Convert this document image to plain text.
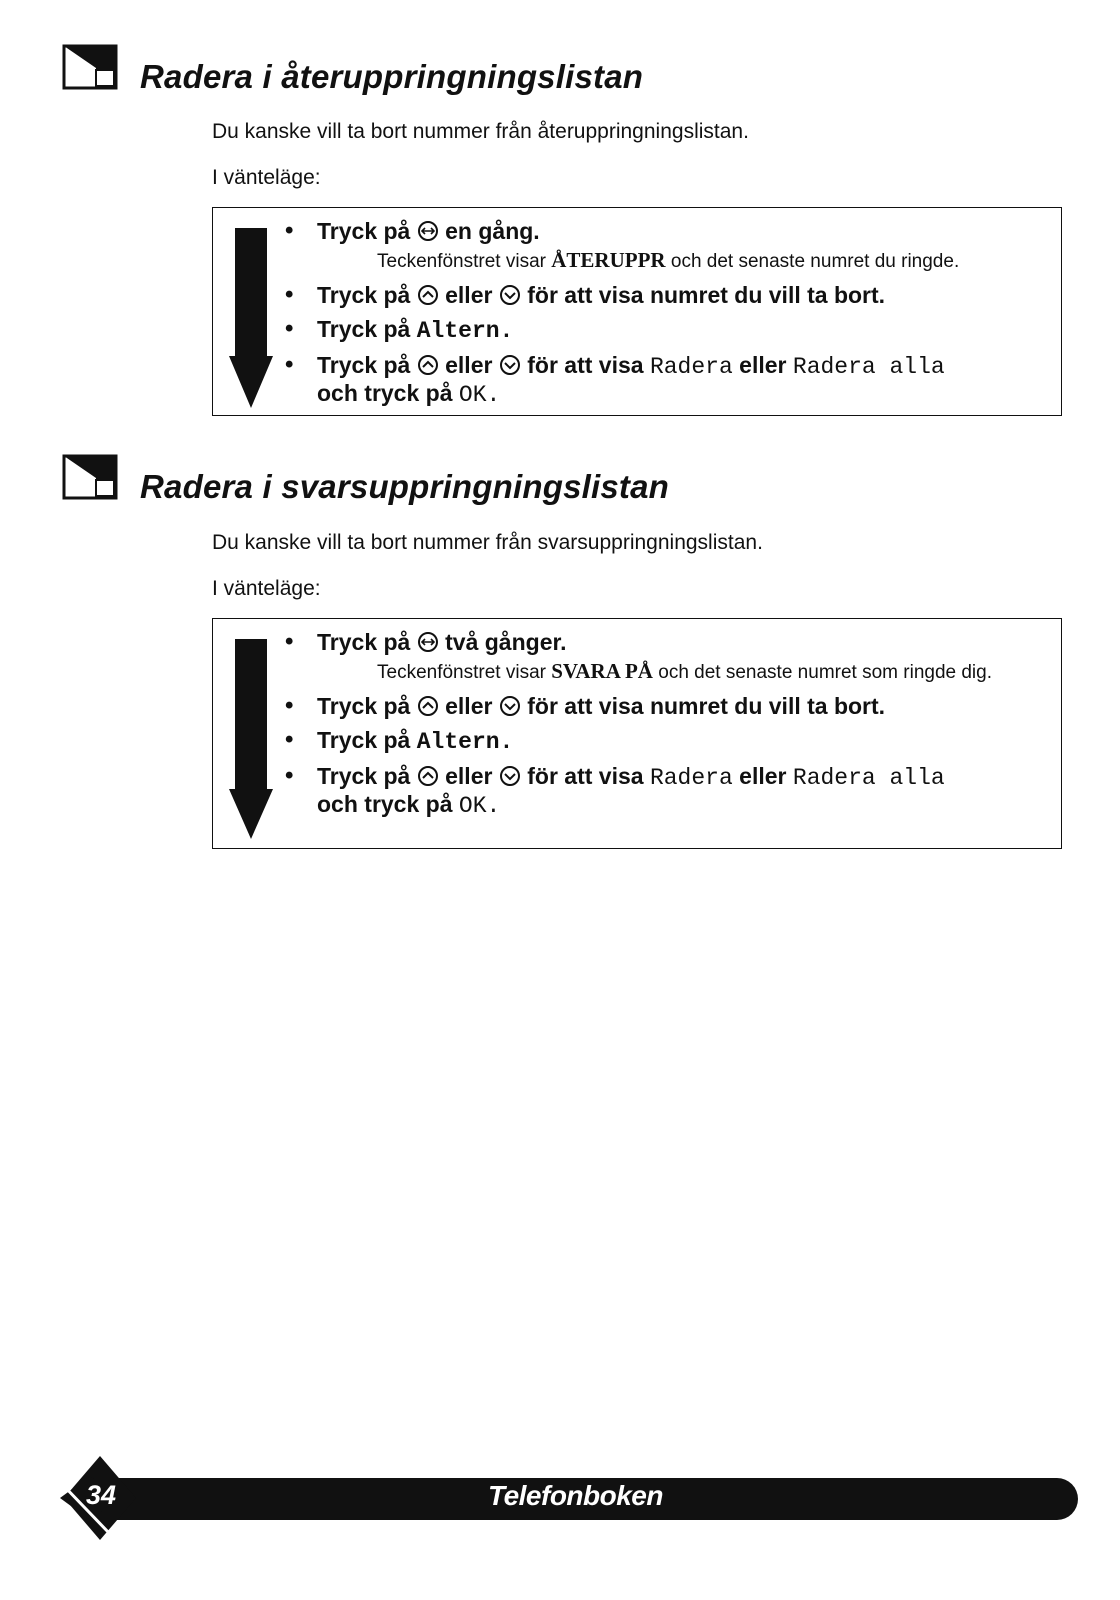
Radera i återuppringningslistan

Du kanske vill ta bort nummer från återuppringningslistan.

I vänteläge:

• Tryck på en gång.
Teckenfönstret visar ÅTERUPPR och det senaste numret du ringde.
• Tryck på eller för att visa numret du vill ta bort.
• Tryck på Altern.
• Tryck på eller för att visa Radera eller Radera alla
och tryck på OK.
Radera i svarsuppringningslistan

Du kanske vill ta bort nummer från svarsuppringningslistan.

I vänteläge:

• Tryck på två gånger.
Teckenfönstret visar SVARA PÅ och det senaste numret som ringde dig.
• Tryck på eller för att visa numret du vill ta bort.
• Tryck på Altern.
• Tryck på eller för att visa Radera eller Radera alla
och tryck på OK.
34	Telefonboken
